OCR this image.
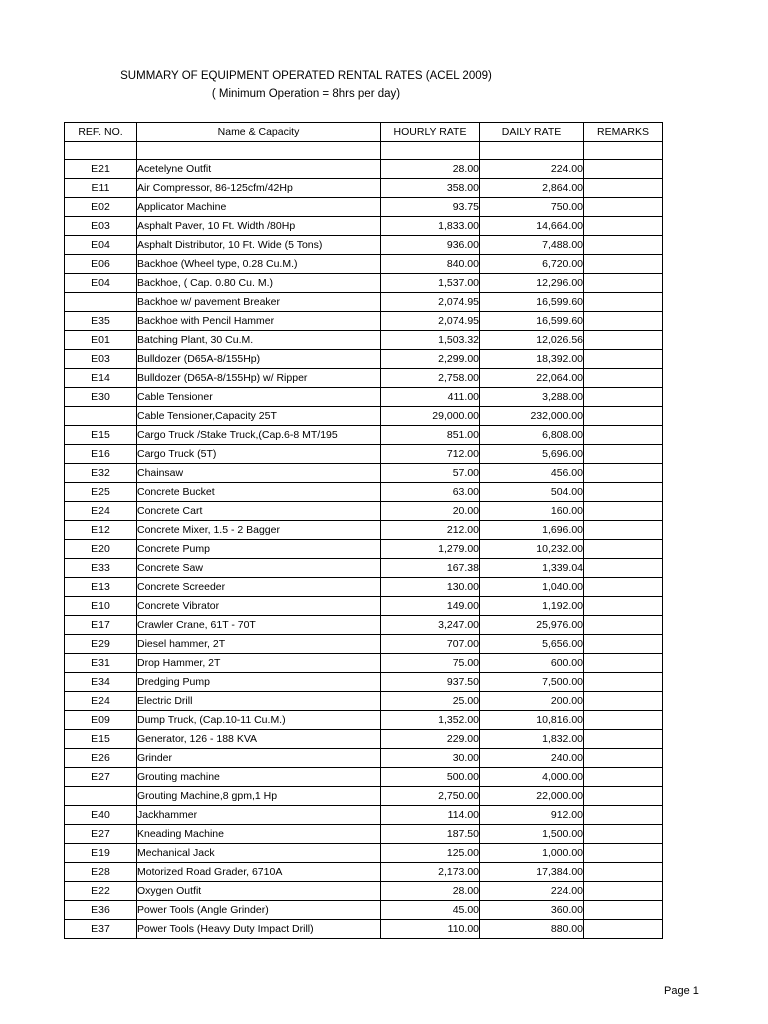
SUMMARY OF EQUIPMENT OPERATED RENTAL RATES (ACEL 2009)
( Minimum Operation = 8hrs per day)
REF. NO.	Name & Capacity	HOURLY RATE	DAILY RATE	REMARKS

E21	Acetelyne Outfit	28.00	224.00	
E11	Air Compressor, 86-125cfm/42Hp	358.00	2,864.00	
E02	Applicator Machine	93.75	750.00	
E03	Asphalt Paver, 10 Ft. Width /80Hp	1,833.00	14,664.00	
E04	Asphalt Distributor, 10 Ft. Wide (5 Tons)	936.00	7,488.00	
E06	Backhoe (Wheel type, 0.28 Cu.M.)	840.00	6,720.00	
E04	Backhoe, ( Cap. 0.80 Cu. M.)	1,537.00	12,296.00	
	Backhoe w/ pavement Breaker	2,074.95	16,599.60	
E35	Backhoe with Pencil Hammer	2,074.95	16,599.60	
E01	Batching Plant, 30 Cu.M.	1,503.32	12,026.56	
E03	Bulldozer (D65A-8/155Hp)	2,299.00	18,392.00	
E14	Bulldozer (D65A-8/155Hp) w/ Ripper	2,758.00	22,064.00	
E30	Cable Tensioner	411.00	3,288.00	
	Cable Tensioner,Capacity 25T	29,000.00	232,000.00	
E15	Cargo Truck /Stake Truck,(Cap.6-8 MT/195	851.00	6,808.00	
E16	Cargo Truck (5T)	712.00	5,696.00	
E32	Chainsaw	57.00	456.00	
E25	Concrete Bucket	63.00	504.00	
E24	Concrete Cart	20.00	160.00	
E12	Concrete Mixer, 1.5 - 2 Bagger	212.00	1,696.00	
E20	Concrete Pump	1,279.00	10,232.00	
E33	Concrete Saw	167.38	1,339.04	
E13	Concrete Screeder	130.00	1,040.00	
E10	Concrete Vibrator	149.00	1,192.00	
E17	Crawler Crane, 61T - 70T	3,247.00	25,976.00	
E29	Diesel hammer, 2T	707.00	5,656.00	
E31	Drop Hammer, 2T	75.00	600.00	
E34	Dredging Pump	937.50	7,500.00	
E24	Electric Drill	25.00	200.00	
E09	Dump Truck, (Cap.10-11 Cu.M.)	1,352.00	10,816.00	
E15	Generator, 126 - 188 KVA	229.00	1,832.00	
E26	Grinder	30.00	240.00	
E27	Grouting machine	500.00	4,000.00	
	Grouting Machine,8 gpm,1 Hp	2,750.00	22,000.00	
E40	Jackhammer	114.00	912.00	
E27	Kneading Machine	187.50	1,500.00	
E19	Mechanical Jack	125.00	1,000.00	
E28	Motorized Road Grader, 6710A	2,173.00	17,384.00	
E22	Oxygen Outfit	28.00	224.00	
E36	Power Tools (Angle Grinder)	45.00	360.00	
E37	Power Tools (Heavy Duty Impact Drill)	110.00	880.00	
Page 1
